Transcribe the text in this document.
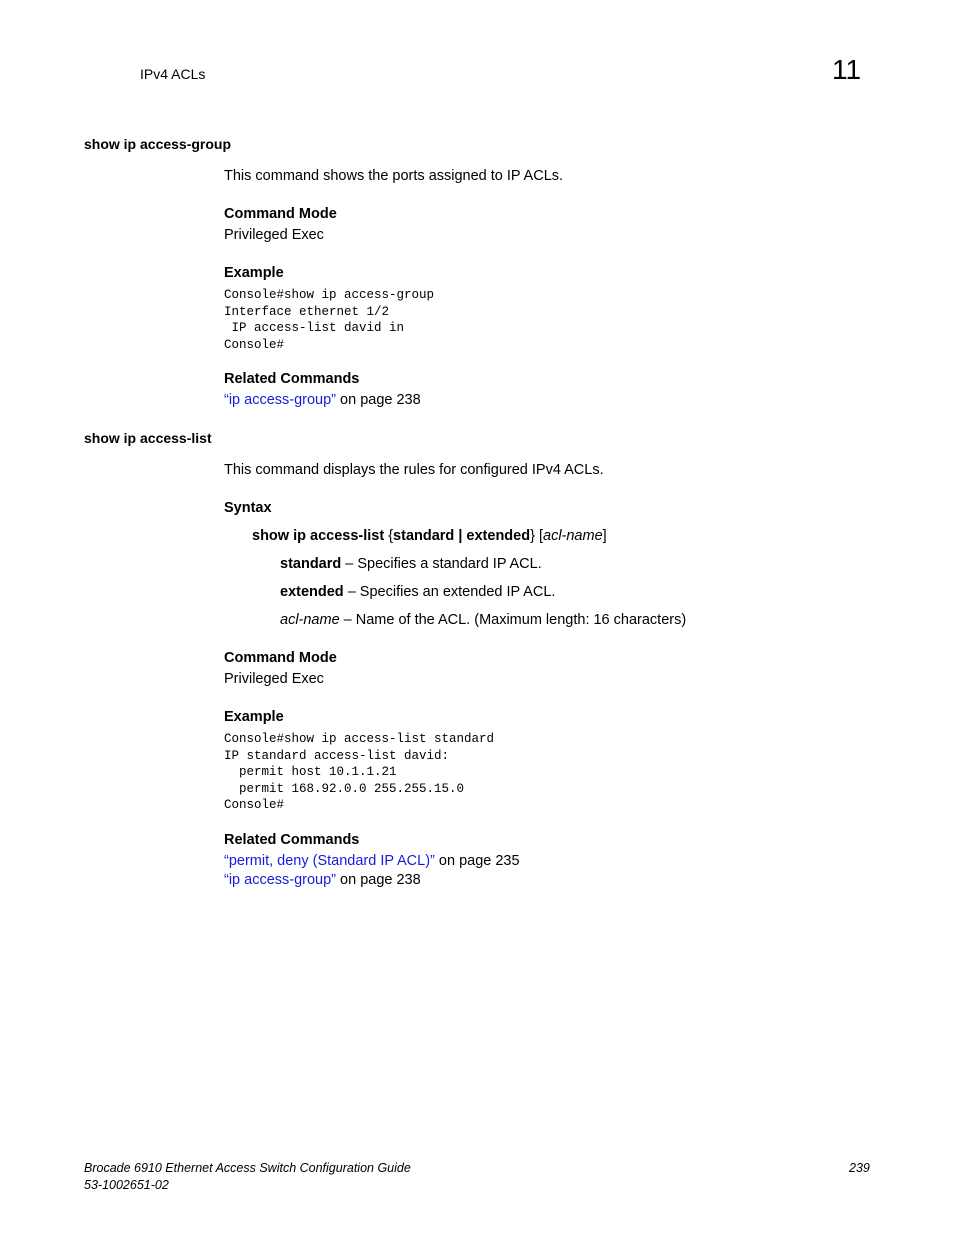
IPv4 ACLs	11
show ip access-group
This command shows the ports assigned to IP ACLs.
Command Mode
Privileged Exec
Example
Console#show ip access-group
Interface ethernet 1/2
IP access-list david in
Console#
Related Commands
“ip access-group” on page 238
show ip access-list
This command displays the rules for configured IPv4 ACLs.
Syntax
show ip access-list {standard | extended} [acl-name]
standard – Specifies a standard IP ACL.
extended – Specifies an extended IP ACL.
acl-name – Name of the ACL. (Maximum length: 16 characters)
Command Mode
Privileged Exec
Example
Console#show ip access-list standard
IP standard access-list david:
permit host 10.1.1.21
permit 168.92.0.0 255.255.15.0
Console#
Related Commands
“permit, deny (Standard IP ACL)” on page 235
“ip access-group” on page 238
Brocade 6910 Ethernet Access Switch Configuration Guide
53-1002651-02
239
